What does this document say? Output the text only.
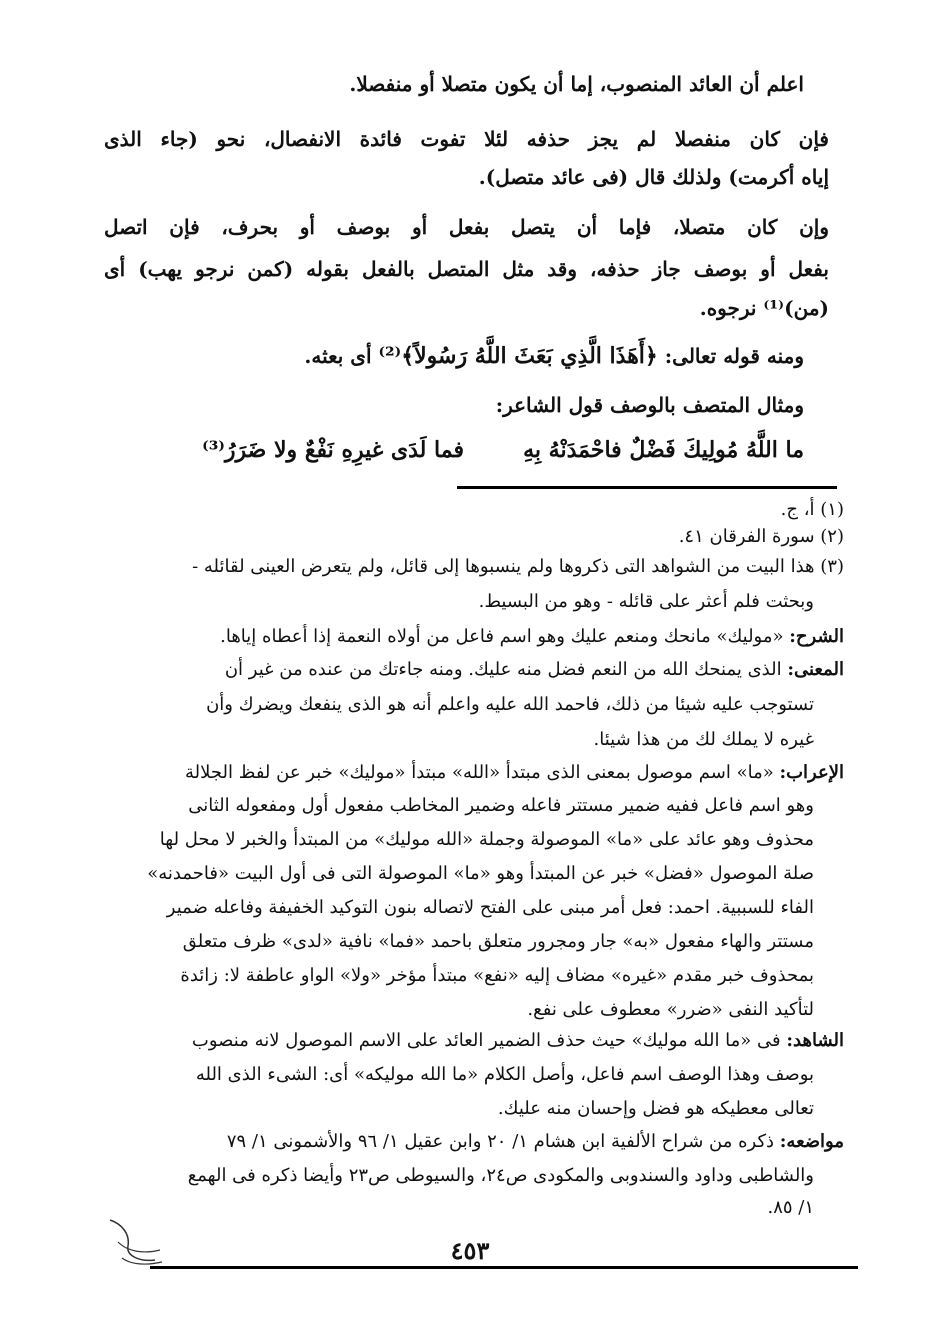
اعلم أن العائد المنصوب، إما أن يكون متصلا أو منفصلا.
فإن كان منفصلا لم يجز حذفه لئلا تفوت فائدة الانفصال، نحو (جاء الذى
إياه أكرمت) ولذلك قال (فى عائد متصل).
وإن كان متصلا، فإما أن يتصل بفعل أو بوصف أو بحرف، فإن اتصل
بفعل أو بوصف جاز حذفه، وقد مثل المتصل بالفعل بقوله (كمن نرجو يهب) أى
(من)⁽¹⁾ نرجوه.
ومنه قوله تعالى: ﴿أَهَذَا الَّذِي بَعَثَ اللَّهُ رَسُولاً﴾⁽²⁾ أى بعثه.
ومثال المتصف بالوصف قول الشاعر:
ما اللَّهُ مُولِيكَ فَضْلٌ فاحْمَدَنْهُ بِهِ
فما لَدَى غيرِهِ نَفْعٌ ولا ضَرَرُ⁽³⁾
(١) أ، ج.
(٢) سورة الفرقان ٤١.
(٣) هذا البيت من الشواهد التى ذكروها ولم ينسبوها إلى قائل، ولم يتعرض العينى لقائله -
وبحثت فلم أعثر على قائله - وهو من البسيط.
الشرح: «موليك» مانحك ومنعم عليك وهو اسم فاعل من أولاه النعمة إذا أعطاه إياها.
المعنى: الذى يمنحك الله من النعم فضل منه عليك. ومنه جاءتك من عنده من غير أن
تستوجب عليه شيئا من ذلك، فاحمد الله عليه واعلم أنه هو الذى ينفعك ويضرك وأن
غيره لا يملك لك من هذا شيئا.
الإعراب: «ما» اسم موصول بمعنى الذى مبتدأ «الله» مبتدأ «موليك» خبر عن لفظ الجلالة
وهو اسم فاعل ففيه ضمير مستتر فاعله وضمير المخاطب مفعول أول ومفعوله الثانى
محذوف وهو عائد على «ما» الموصولة وجملة «الله موليك» من المبتدأ والخبر لا محل لها
صلة الموصول «فضل» خبر عن المبتدأ وهو «ما» الموصولة التى فى أول البيت «فاحمدنه»
الفاء للسببية. احمد: فعل أمر مبنى على الفتح لاتصاله بنون التوكيد الخفيفة وفاعله ضمير
مستتر والهاء مفعول «به» جار ومجرور متعلق باحمد «فما» نافية «لدى» ظرف متعلق
بمحذوف خبر مقدم «غيره» مضاف إليه «نفع» مبتدأ مؤخر «ولا» الواو عاطفة لا: زائدة
لتأكيد النفى «ضرر» معطوف على نفع.
الشاهد: فى «ما الله موليك» حيث حذف الضمير العائد على الاسم الموصول لانه منصوب
بوصف وهذا الوصف اسم فاعل، وأصل الكلام «ما الله موليكه» أى: الشىء الذى الله
تعالى معطيكه هو فضل وإحسان منه عليك.
مواضعه: ذكره من شراح الألفية ابن هشام ١/ ٢٠ وابن عقيل ١/ ٩٦ والأشمونى ١/ ٧٩
والشاطبى وداود والسندوبى والمكودى ص٢٤، والسيوطى ص٢٣ وأيضا ذكره فى الهمع
١/ ٨٥.
٤٥٣
